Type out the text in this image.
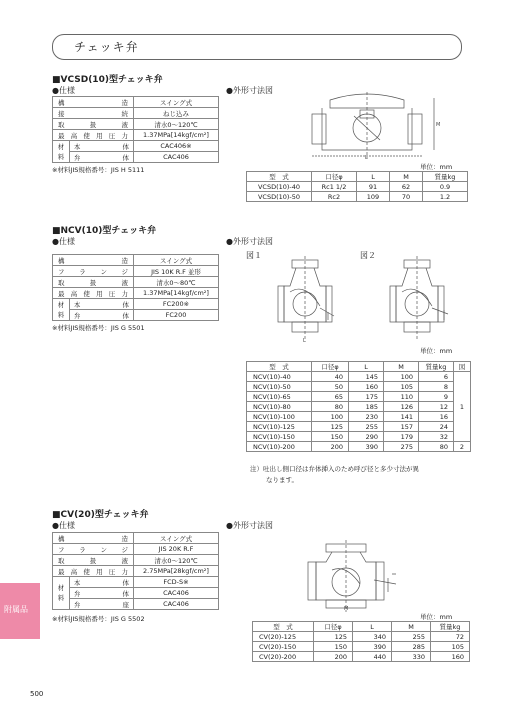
チェッキ弁
■VCSD(10)型チェッキ弁
●仕様	●外形寸法図
構造		スイング式
接続		ねじ込み
取扱液		清水0〜120℃
最高使用圧力		1.37MPa[14kgf/cm²]
材料	本体	CAC406※
	弁体	CAC406
※材料JIS規格番号：JIS H 5111
L
M
単位：mm
型　式	口径φ	L	M	質量kg
VCSD(10)-40	Rc1 1/2	91	62	0.9
VCSD(10)-50	Rc2	109	70	1.2
■NCV(10)型チェッキ弁
●仕様	●外形寸法図
図１	図２
構造		スイング式
フランジ		JIS 10K R.F 並形
取扱液		清水0〜80℃
最高使用圧力		1.37MPa[14kgf/cm²]
材料	本体	FC200※
	弁体	FC200
※材料JIS規格番号：JIS G 5501
L
単位：mm
型　式	口径φ	L	M	質量kg	図
NCV(10)-40	40	145	100	6	1
NCV(10)-50	50	160	105	8	
NCV(10)-65	65	175	110	9	
NCV(10)-80	80	185	126	12	
NCV(10)-100	100	230	141	16	
NCV(10)-125	125	255	157	24	
NCV(10)-150	150	290	179	32	
NCV(10)-200	200	390	275	80	2
注）吐出し側口径は弁体挿入のため呼び径と多少寸法が異
なります。
■CV(20)型チェッキ弁
●仕様	●外形寸法図
構造		スイング式
フランジ		JIS 20K R.F
取扱液		清水0〜120℃
最高使用圧力		2.75MPa[28kgf/cm²]
材料	本体	FCD-S※
	弁体	CAC406
	弁座	CAC406
※材料JIS規格番号：JIS G 5502
M
単位：mm
型　式	口径φ	L	M	質量kg
CV(20)-125	125	340	255	72
CV(20)-150	150	390	285	105
CV(20)-200	200	440	330	160
附属品
500
